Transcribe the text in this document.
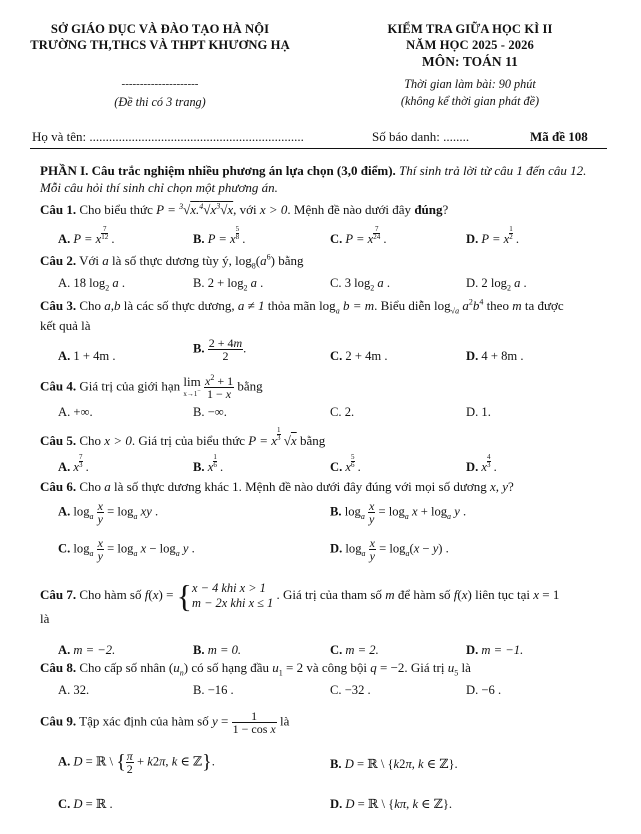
SỞ GIÁO DỤC VÀ ĐÀO TẠO HÀ NỘI
TRƯỜNG TH,THCS VÀ THPT KHƯƠNG HẠ
---------------------
(Đề thi có 3 trang)
KIỂM TRA GIỮA HỌC KÌ II
NĂM HỌC 2025 - 2026
MÔN: TOÁN 11
Thời gian làm bài: 90 phút
(không kể thời gian phát đề)
Họ và tên: ..................................................................	Số báo danh: ........	Mã đề 108
PHẦN I. Câu trắc nghiệm nhiều phương án lựa chọn (3,0 điểm). Thí sinh trả lời từ câu 1 đến câu 12.
Mỗi câu hỏi thí sinh chỉ chọn một phương án.
Câu 1. Cho biểu thức $P = ^3√x.^4√x^3√x$, với x > 0. Mệnh đề nào dưới đây đúng?
A. P = x $\frac{7}{12}$ .	B. P = x $\frac{5}{8}$ .	C. P = x $\frac{7}{24}$ .	D. P = x $\frac{1}{2}$ .
Câu 2. Với a là số thực dương tùy ý, $\log_8(a^6)$ bằng
A. 18 $\log_2 a$ .	B. $2 + \log_2 a$ .	C. 3 $\log_2 a$ .	D. 2 $\log_2 a$ .
Câu 3. Cho a,b là các số thực dương, a ≠ 1 thỏa mãn $\log_a b = m$. Biểu diễn $\log_{√a} a^2b^4$ theo m ta được
kết quả là
A. 1 + 4m .
B. $\frac{2 + 4m}{2}$ .
C. 2 + 4m .	D. 4 + 8m .
Câu 4. Giá trị của giới hạn lim
$x\to 1^- \frac{x^2 + 1}{1 - x}$ bằng
A. +∞.	B. −∞.	C. 2.	D. 1.
Câu 5. Cho x > 0. Giá trị của biểu thức P = x $\frac{1}{3} √x$ bằng
A. x $\frac{7}{3}$ .	B. x $\frac{1}{6}$ .	C. x $\frac{5}{6}$ .	D. x $\frac{4}{3}$ .
Câu 6. Cho a là số thực dương khác 1. Mệnh đề nào dưới đây đúng với mọi số dương x, y?
A. $\log_a \frac{x}{y} = \log_a$ xy .	B. $\log_a \frac{x}{y} = \log_a x + \log_a y$ .
C. $\log_a \frac{x}{y} = \log_a x - \log_a y$ .	D. $\log_a \frac{x}{y} = \log_a(x - y)$ .
Câu 7. Cho hàm số f(x) = {x − 4 khi x > 1
m − 2x khi x ≤ 1 . Giá trị của tham số m để hàm số f(x) liên tục tại x = 1
là
A. m = −2.	B. m = 0.	C. m = 2.	D. m = −1.
Câu 8. Cho cấp số nhân $(u_n)$ có số hạng đầu $u_1 = 2$ và công bội q = −2. Giá trị $u_5$ là
A. 32.	B. −16 .	C. −32 .	D. −6 .
Câu 9. Tập xác định của hàm số $y = \frac{1}{\text{1 − cos x}}$ là
A. D = ℝ \ { $\frac{\pi}{2} + k2\pi$, k ∈ ℤ}.	B. D = ℝ \ {k2π, k ∈ ℤ}.
C. D = ℝ .	D. D = ℝ \ {kπ, k ∈ ℤ}.
